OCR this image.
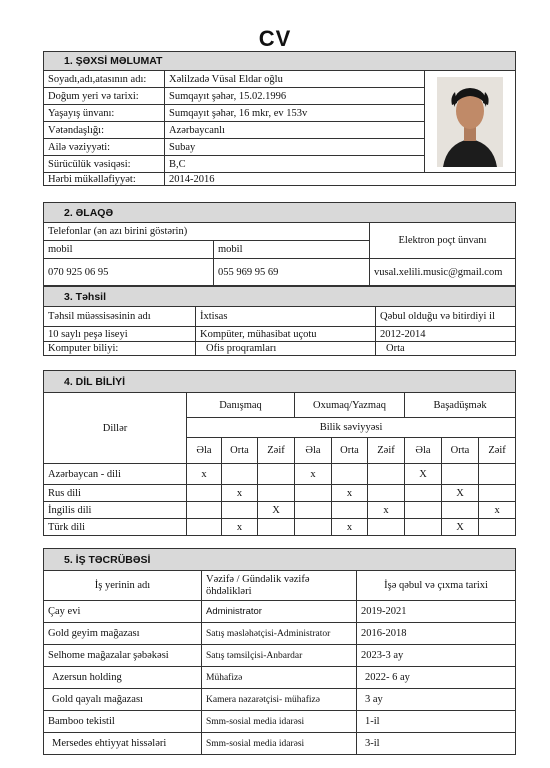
CV
1. ŞƏXSİ MƏLUMAT		
Soyadı,adı,atasının adı:	Xəlilzadə Vüsal Eldar oğlu	

Doğum yeri və tarixi:	Sumqayıt şəhər, 15.02.1996	
Yaşayış ünvanı:	Sumqayıt şəhər, 16 mkr, ev 153v	
Vətəndaşlığı:	Azərbaycanlı	
Ailə vəziyyəti:	Subay	
Sürücülük vəsiqəsi:	B,C	
Hərbi mükəlləfiyyət:	2014-2016	
2. ƏLAQƏ		
Telefonlar (ən azı birini göstərin)		Elektron poçt ünvanı
mobil	mobil	
070 925 06 95	055 969 95 69	vusal.xelili.music@gmail.com
3. Təhsil		
Təhsil müəssisəsinin adı	İxtisas	Qəbul olduğu və bitirdiyi il
10 saylı peşə liseyi	Kompüter, mühasibat uçotu	2012-2014
Komputer biliyi:	Ofis proqramları	Orta
4. DİL BİLİYİ									
Dillər	Danışmaq			Oxumaq/Yazmaq			Başadüşmək		
	Bilik səviyyəsi								
	Əla	Orta	Zəif	Əla	Orta	Zəif	Əla	Orta	Zəif
Azərbaycan - dili	x			x			X		
Rus dili		x			x			X	
İngilis dili			X			x			x
Türk dili		x			x			X	
5. İŞ TƏCRÜBƏSİ		
İş yerinin adı	Vəzifə / Gündəlik vəzifə öhdəlikləri	İşə qəbul və çıxma tarixi
Çay evi	Administrator	2019-2021
Gold geyim mağazası	Satış məsləhətçisi-Administrator	2016-2018
Selhome mağazalar şəbəkəsi	Satış təmsilçisi-Anbardar	2023-3 ay
Azersun holding	Mühafizə	2022- 6 ay
Gold qayalı mağazası	Kamera nəzarətçisi- mühafizə	3 ay
Bamboo tekistil	Smm-sosial media idarəsi	1-il
Mersedes ehtiyyat hissələri	Smm-sosial media idarəsi	3-il
